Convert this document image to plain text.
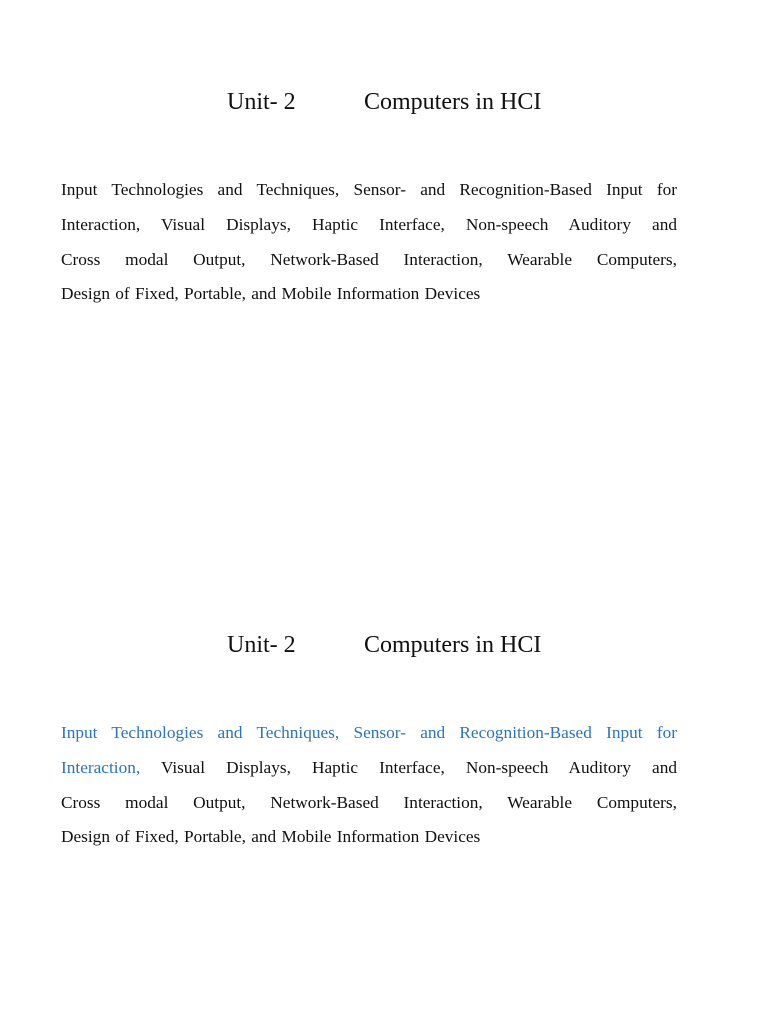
Unit- 2	Computers in HCI
Input Technologies and Techniques, Sensor- and Recognition-Based Input for
Interaction, Visual Displays, Haptic Interface, Non-speech Auditory and
Cross modal Output, Network-Based Interaction, Wearable Computers,
Design of Fixed, Portable, and Mobile Information Devices
Unit- 2	Computers in HCI
Input Technologies and Techniques, Sensor- and Recognition-Based Input for
Interaction, Visual Displays, Haptic Interface, Non-speech Auditory and
Cross modal Output, Network-Based Interaction, Wearable Computers,
Design of Fixed, Portable, and Mobile Information Devices
